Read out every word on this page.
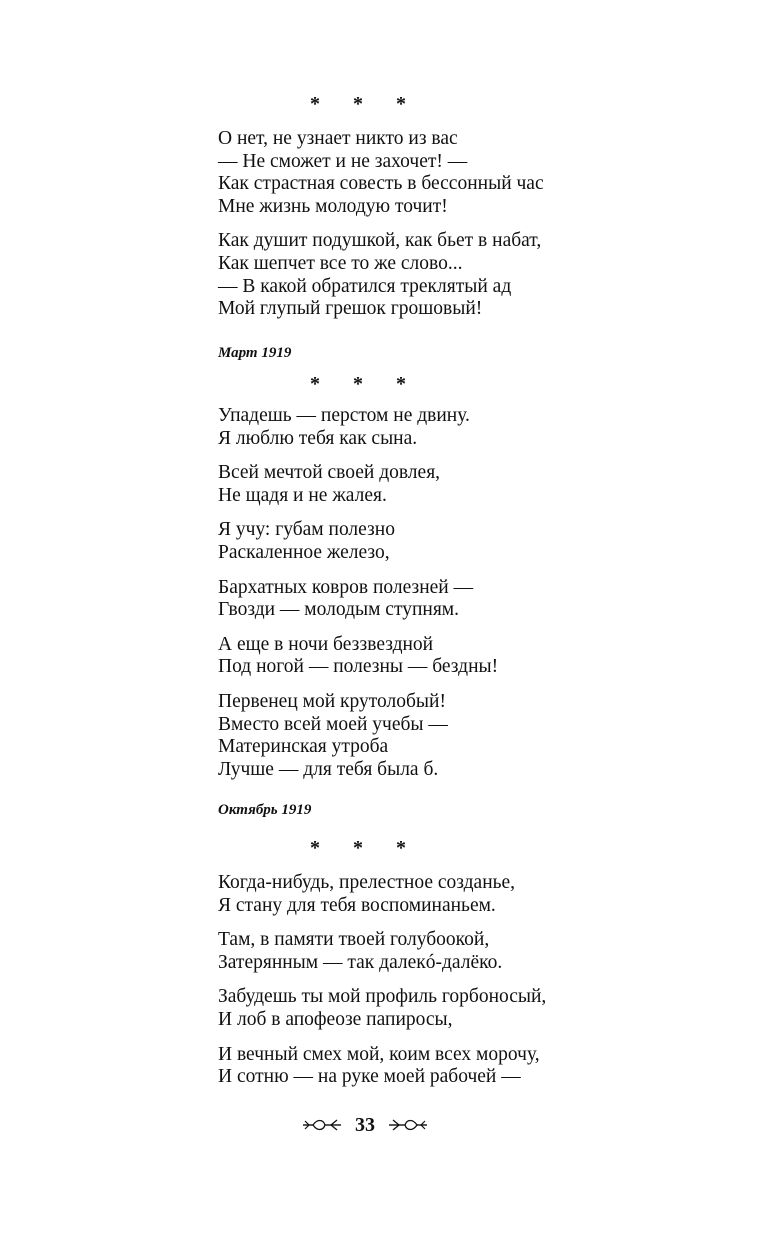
* * *
О нет, не узнает никто из вас
— Не сможет и не захочет! —
Как страстная совесть в бессонный час
Мне жизнь молодую точит!
Как душит подушкой, как бьет в набат,
Как шепчет все то же слово...
— В какой обратился треклятый ад
Мой глупый грешок грошовый!
Март 1919
* * *
Упадешь — перстом не двину.
Я люблю тебя как сына.
Всей мечтой своей довлея,
Не щадя и не жалея.
Я учу: губам полезно
Раскаленное железо,
Бархатных ковров полезней —
Гвозди — молодым ступням.
А еще в ночи беззвездной
Под ногой — полезны — бездны!
Первенец мой крутолобый!
Вместо всей моей учебы —
Материнская утроба
Лучше — для тебя была б.
Октябрь 1919
* * *
Когда-нибудь, прелестное созданье,
Я стану для тебя воспоминаньем.
Там, в памяти твоей голубоокой,
Затерянным — так далекó-далёко.
Забудешь ты мой профиль горбоносый,
И лоб в апофеозе папиросы,
И вечный смех мой, коим всех морочу,
И сотню — на руке моей рабочей —
33
